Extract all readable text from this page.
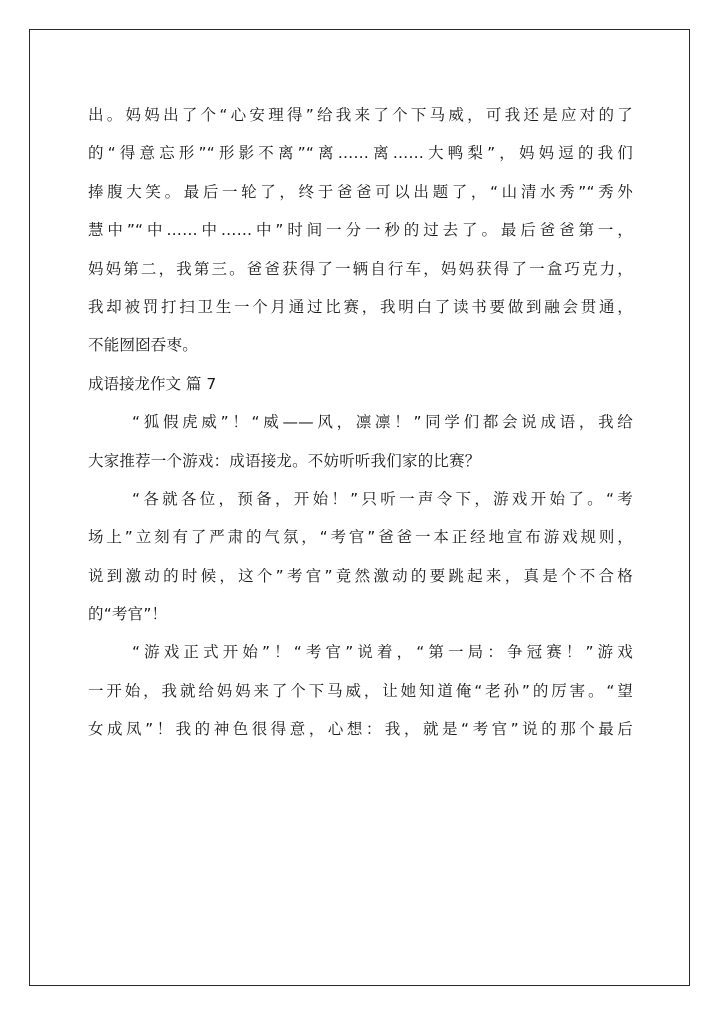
出。妈妈出了个“心安理得”给我来了个下马威，可我还是应对的了
的“得意忘形”“形影不离”“离……离……大鸭梨”，妈妈逗的我们
捧腹大笑。最后一轮了，终于爸爸可以出题了，“山清水秀”“秀外
慧中”“中……中……中”时间一分一秒的过去了。最后爸爸第一，
妈妈第二，我第三。爸爸获得了一辆自行车，妈妈获得了一盒巧克力，
我却被罚打扫卫生一个月通过比赛，我明白了读书要做到融会贯通，
不能囫囵吞枣。
成语接龙作文 篇 7
“狐假虎威”！“威——风，凛凛！”同学们都会说成语，我给
大家推荐一个游戏：成语接龙。不妨听听我们家的比赛？
“各就各位，预备，开始！”只听一声令下，游戏开始了。“考
场上”立刻有了严肃的气氛，“考官”爸爸一本正经地宣布游戏规则，
说到激动的时候，这个”考官”竟然激动的要跳起来，真是个不合格
的“考官”！
“游戏正式开始”！“考官”说着，“第一局：争冠赛！”游戏
一开始，我就给妈妈来了个下马威，让她知道俺“老孙”的厉害。“望
女成凤”！我的神色很得意，心想：我，就是“考官”说的那个最后
